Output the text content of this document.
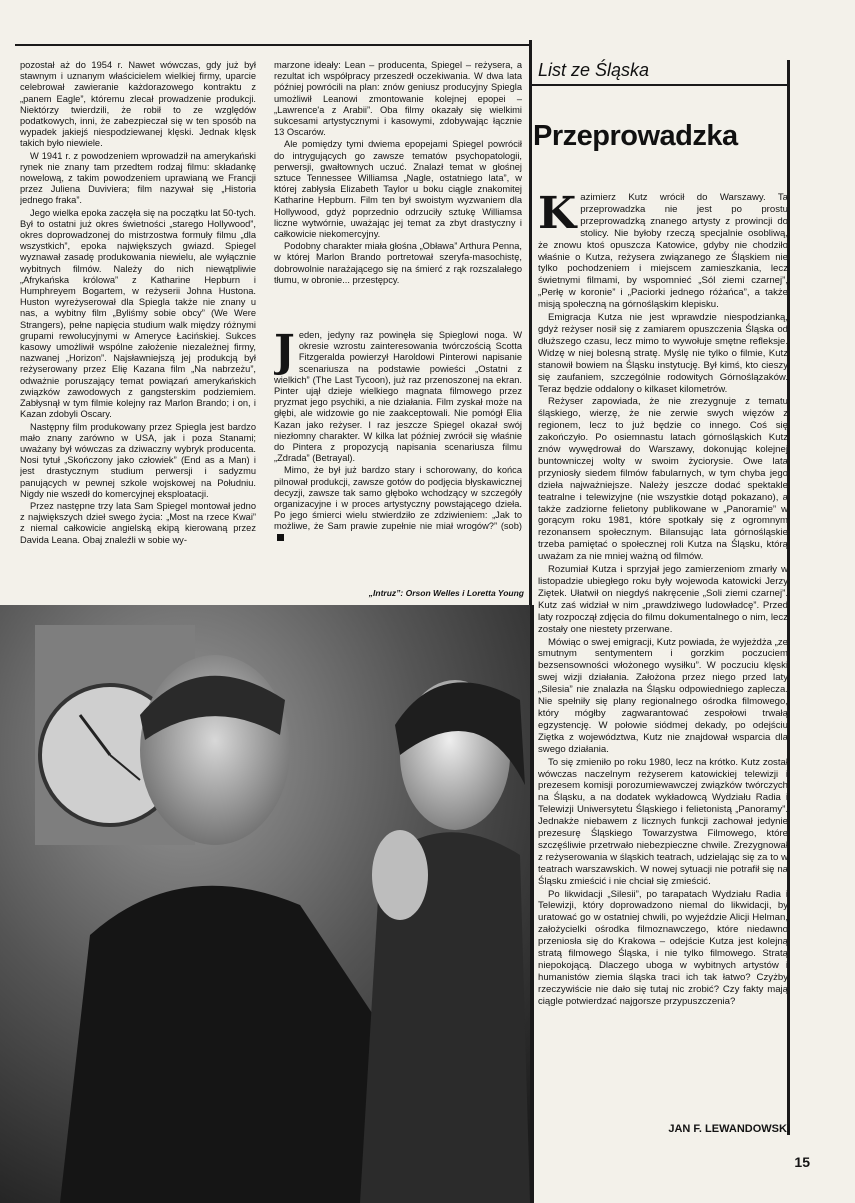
pozostał aż do 1954 r. Nawet wówczas, gdy już był stawnym i uznanym właścicielem wielkiej firmy, uparcie celebrował zawieranie każdorazowego kontraktu z „panem Eagle”, któremu zlecał prowadzenie produkcji. Niektórzy twierdzili, że robił to ze względów podatkowych, inni, że zabezpieczał się w ten sposób na wypadek jakiejś niespodziewanej klęski. Jednak klęsk takich było niewiele.

W 1941 r. z powodzeniem wprowadził na amerykański rynek nie znany tam przedtem rodzaj filmu: składankę nowelową, z takim powodzeniem uprawianą we Francji przez Juliena Duviviera; film nazywał się „Historia jednego fraka”.

Jego wielka epoka zaczęła się na początku lat 50-tych. Był to ostatni już okres świetności „starego Hollywood”, okres doprowadzonej do mistrzostwa formuły filmu „dla wszystkich”, epoka największych gwiazd. Spiegel wyznawał zasadę produkowania niewielu, ale wyłącznie wybitnych filmów. Należy do nich niewątpliwie „Afrykańska królowa” z Katharine Hepburn i Humphreyem Bogartem, w reżyserii Johna Hustona. Huston wyreżyserował dla Spiegla także nie znany u nas, a wybitny film „Byliśmy sobie obcy” (We Were Strangers), pełne napięcia studium walk między różnymi grupami rewolucyjnymi w Ameryce Łacińskiej. Sukces kasowy umożliwił wspólne założenie niezależnej firmy, nazwanej „Horizon”. Najsławniejszą jej produkcją był reżyserowany przez Elię Kazana film „Na nabrzeżu”, odważnie poruszający temat powiązań amerykańskich związków zawodowych z gangsterskim podziemiem. Zabłysnął w tym filmie kolejny raz Marlon Brando; i on, i Kazan zdobyli Oscary.

Następny film produkowany przez Spiegla jest bardzo mało znany zarówno w USA, jak i poza Stanami; uważany był wówczas za dziwaczny wybryk producenta. Nosi tytuł „Skończony jako człowiek” (End as a Man) i jest drastycznym studium perwersji i sadyzmu panujących w pewnej szkole wojskowej na Południu. Nigdy nie wszedł do komercyjnej eksploatacji.

Przez następne trzy lata Sam Spiegel montował jedno z największych dzieł swego życia: „Most na rzece Kwai” z niemal całkowicie angielską ekipą kierowaną przez Davida Leana. Obaj znaleźli w sobie wy-

marzone ideały: Lean – producenta, Spiegel – reżysera, a rezultat ich współpracy przeszedł oczekiwania. W dwa lata później powrócili na plan: znów geniusz producyjny Spiegla umożliwił Leanowi zmontowanie kolejnej epopei – „Lawrence'a z Arabii”. Oba filmy okazały się wielkimi sukcesami artystycznymi i kasowymi, zdobywając łącznie 13 Oscarów.

Ale pomiędzy tymi dwiema epopejami Spiegel powrócił do intrygujących go zawsze tematów psychopatologii, perwersji, gwałtownych uczuć. Znalazł temat w głośnej sztuce Tennessee Williamsa „Nagle, ostatniego lata”, w której zabłysła Elizabeth Taylor u boku ciągle znakomitej Katharine Hepburn. Film ten był swoistym wyzwaniem dla Hollywood, gdyż poprzednio odrzuciły sztukę Williamsa liczne wytwórnie, uważając jej temat za zbyt drastyczny i całkowicie niekomercyjny.

Podobny charakter miała głośna „Obława” Arthura Penna, w której Marlon Brando portretował szeryfa-masochistę, dobrowolnie narażającego się na śmierć z rąk rozszalałego tłumu, w obronie... przestępcy.

Jeden, jedyny raz powinęła się Spieglowi noga. W okresie wzrostu zainteresowania twórczością Scotta Fitzgeralda powierzył Haroldowi Pinterowi napisanie scenariusza na podstawie powieści „Ostatni z wielkich” (The Last Tycoon), już raz przenoszonej na ekran. Pinter ujął dzieje wielkiego magnata filmowego przez pryzmat jego psychiki, a nie działania. Film zyskał może na głębi, ale widzowie go nie zaakceptowali. Nie pomógł Elia Kazan jako reżyser. I raz jeszcze Spiegel okazał swój niezłomny charakter. W kilka lat później zwrócił się właśnie do Pintera z propozycją napisania scenariusza filmu „Zdrada” (Betrayal).

Mimo, że był już bardzo stary i schorowany, do końca pilnował produkcji, zawsze gotów do podjęcia błyskawicznej decyzji, zawsze tak samo głęboko wchodzący w szczegóły organizacyjne i w proces artystyczny powstającego dzieła. Po jego śmierci wielu stwierdziło ze zdziwieniem: „Jak to możliwe, że Sam prawie zupełnie nie miał wrogów?” (sob)

„Intruz”: Orson Welles i Loretta Young
List ze Śląska
Przeprowadzka

Kazimierz Kutz wrócił do Warszawy. Ta przeprowadzka nie jest po prostu przeprowadzką znanego artysty z prowincji do stolicy. Nie byłoby rzeczą specjalnie osobliwą, że znowu ktoś opuszcza Katowice, gdyby nie chodziło właśnie o Kutza, reżysera związanego ze Śląskiem nie tylko pochodzeniem i miejscem zamieszkania, lecz świetnymi filmami, by wspomnieć „Sól ziemi czarnej”, „Perłę w koronie” i „Paciorki jednego różańca”, a także misją społeczną na górnośląskim klepisku.

Emigracja Kutza nie jest wprawdzie niespodzianką, gdyż reżyser nosił się z zamiarem opuszczenia Śląska od dłuższego czasu, lecz mimo to wywołuje smętne refleksje. Widzę w niej bolesną stratę. Myślę nie tylko o filmie, Kutz stanowił bowiem na Śląsku instytucję. Był kimś, kto cieszy się zaufaniem, szczególnie rodowitych Górnoślązaków. Teraz będzie oddalony o kilkaset kilometrów.

Reżyser zapowiada, że nie zrezygnuje z tematu śląskiego, wierzę, że nie zerwie swych więzów z regionem, lecz to już będzie co innego. Coś się zakończyło. Po osiemnastu latach górnośląskich Kutz znów wywędrował do Warszawy, dokonując kolejnej buntowniczej wolty w swoim życiorysie. Owe lata przyniosły siedem filmów fabularnych, w tym chyba jego dzieła najważniejsze. Należy jeszcze dodać spektakle teatralne i telewizyjne (nie wszystkie dotąd pokazano), a także zadziorne felietony publikowane w „Panoramie” w gorącym roku 1981, które spotkały się z ogromnym rezonansem społecznym. Bilansując lata górnośląskie trzeba pamiętać o społecznej roli Kutza na Śląsku, którą uważam za nie mniej ważną od filmów.

Rozumiał Kutza i sprzyjał jego zamierzeniom zmarły w listopadzie ubiegłego roku były wojewoda katowicki Jerzy Ziętek. Ułatwił on niegdyś nakręcenie „Soli ziemi czarnej”. Kutz zaś widział w nim „prawdziwego ludowładcę”. Przed laty rozpoczął zdjęcia do filmu dokumentalnego o nim, lecz zostały one niestety przerwane.

Mówiąc o swej emigracji, Kutz powiada, że wyjeżdża „ze smutnym sentymentem i gorzkim poczuciem bezsensowności włożonego wysiłku”. W poczuciu klęski swej wizji działania. Założona przez niego przed laty „Silesia” nie znalazła na Śląsku odpowiedniego zaplecza. Nie spełniły się plany regionalnego ośrodka filmowego, który mógłby zagwarantować zespołowi trwałą egzystencję. W połowie siódmej dekady, po odejściu Ziętka z województwa, Kutz nie znajdował wsparcia dla swego działania.

To się zmieniło po roku 1980, lecz na krótko. Kutz został wówczas naczelnym reżyserem katowickiej telewizji i prezesem komisji porozumiewawczej związków twórczych na Śląsku, a na dodatek wykładowcą Wydziału Radia i Telewizji Uniwersytetu Śląskiego i felietonistą „Panoramy”. Jednakże niebawem z licznych funkcji zachował jedynie prezesurę Śląskiego Towarzystwa Filmowego, które szczęśliwie przetrwało niebezpieczne chwile. Zrezygnował z reżyserowania w śląskich teatrach, udzielając się za to w teatrach warszawskich. W nowej sytuacji nie potrafił się na Śląsku zmieścić i nie chciał się zmieścić.

Po likwidacji „Silesii”, po tarapatach Wydziału Radia i Telewizji, który doprowadzono niemal do likwidacji, by uratować go w ostatniej chwili, po wyjeździe Alicji Helman, założycielki ośrodka filmoznawczego, które niedawno przeniosła się do Krakowa – odejście Kutza jest kolejną stratą filmowego Śląska, i nie tylko filmowego. Stratą niepokojącą. Dlaczego uboga w wybitnych artystów i humanistów ziemia śląska traci ich tak łatwo? Czyżby rzeczywiście nie dało się tutaj nic zrobić? Czy fakty mają ciągle potwierdzać najgorsze przypuszczenia?

JAN F. LEWANDOWSKI
15
